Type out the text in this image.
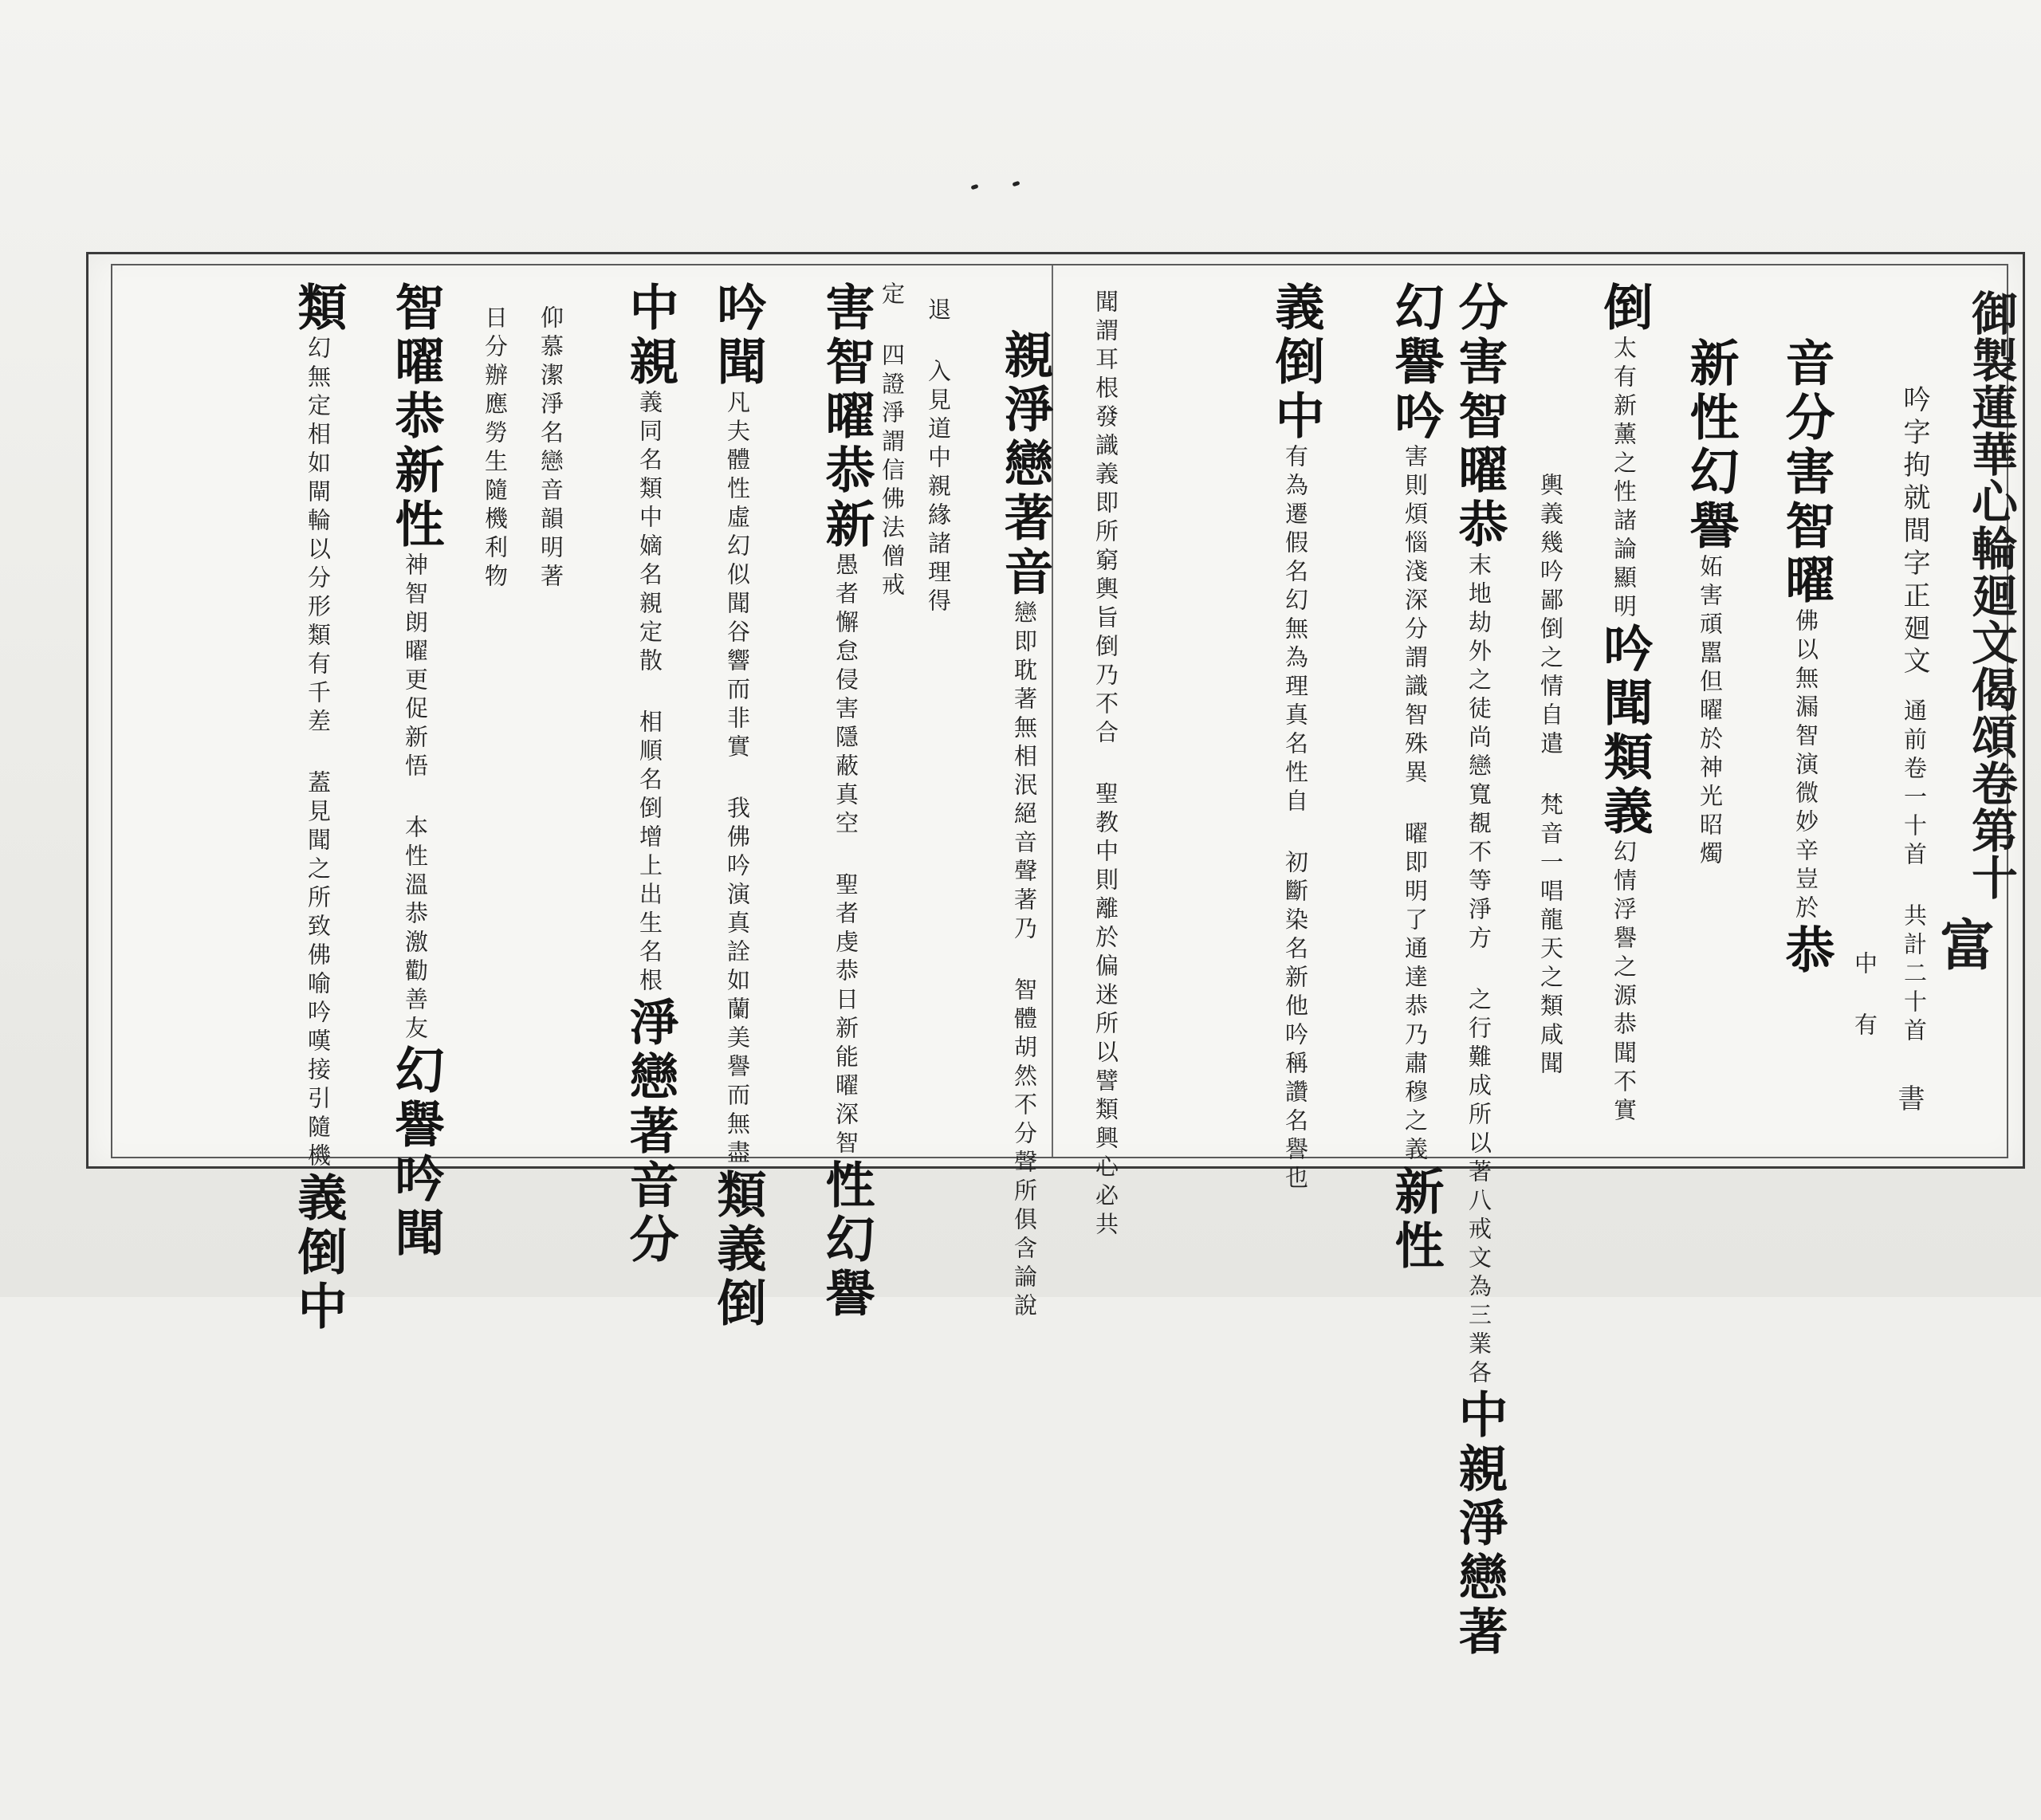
御製蓮華心輪廻文偈頌卷第十
吟字拘就間字正廻文
通前卷一十首 共計二十首
中 有
音分害智曜
佛以無漏智演微妙辛豈於
恭
新性幻譽
妬害頑嚚但曜於神光昭燭
倒
太有新薰之性諸論顯明
吟聞類義
幻情浮譽之源恭聞不實
輿義幾吟鄙倒之情自遣 梵音一唱龍天之類咸聞
分害智曜恭
末地劫外之徒尚戀寬覩不等淨方 之行難成所以著八戒文為三業各
中親淨戀著
幻譽吟
害則煩惱淺深分謂識智殊異 曜即明了通達恭乃肅穆之義
新性
義倒中
有為遷假名幻無為理真名性自 初斷染名新他吟稱讚名譽也
聞謂耳根發識義即所窮輿旨倒乃不合 聖教中則離於偏迷所以譬類興心必共
親淨戀著音
戀即耽著無相泯絕音聲著乃 智體胡然不分聲所俱含論說
退 入見道中親緣諸理得
定 四證淨謂信佛法僧戒
害智曜恭新
愚者懈怠侵害隱蔽真空 聖者虔恭日新能曜深智
性幻譽
吟聞
凡夫體性虛幻似聞谷響而非實 我佛吟演真詮如蘭美譽而無盡
類義倒
中親
義同名類中嫡名親定散 相順名倒增上出生名根
淨戀著音分
仰慕潔淨名戀音韻明著
日分辦應勞生隨機利物
智曜恭新性
神智朗曜更促新悟 本性溫恭激勸善友
幻譽吟聞
類
幻無定相如閘輪以分形類有千差 蓋見聞之所致佛喻吟嘆接引隨機
義倒中
富
書
